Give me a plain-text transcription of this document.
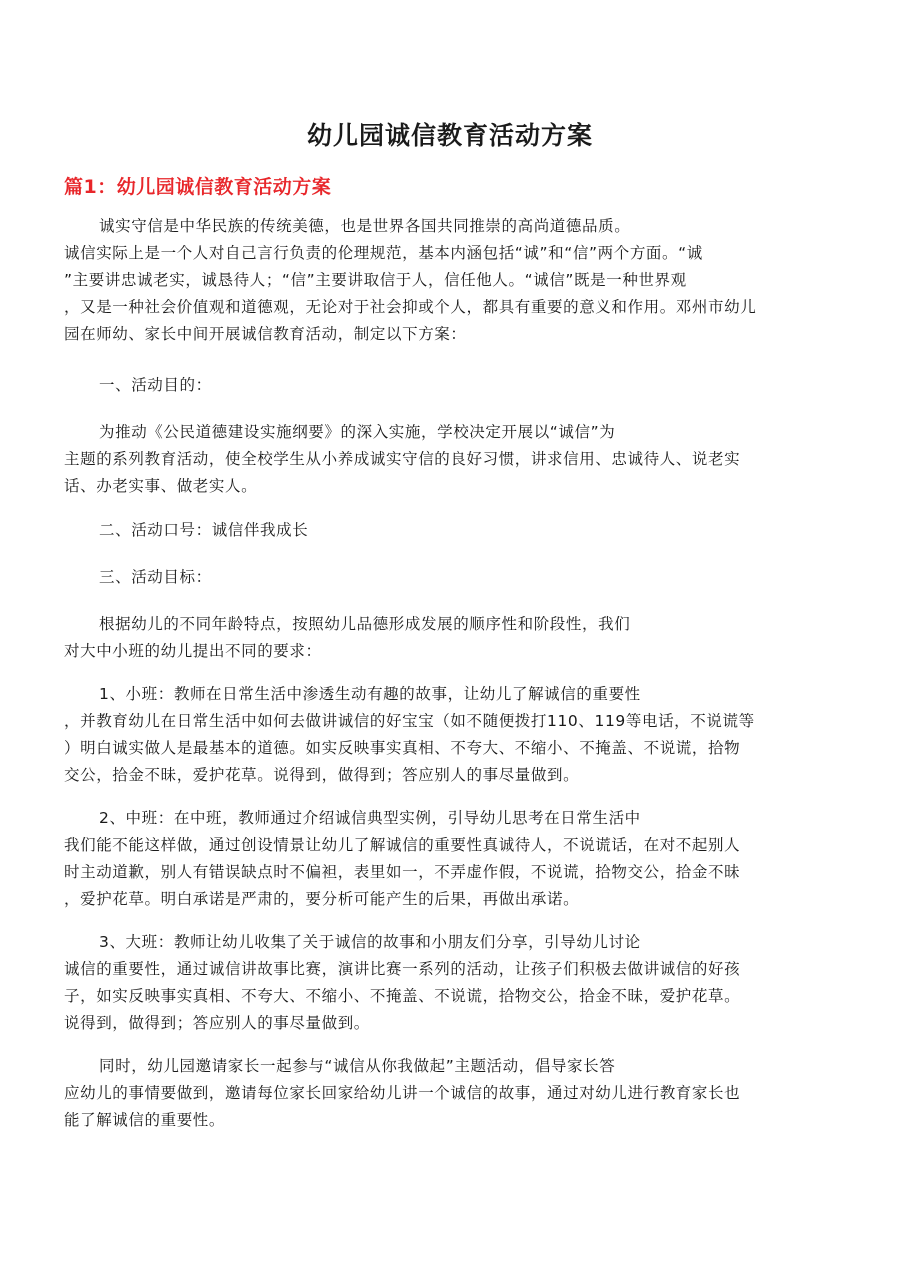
幼儿园诚信教育活动方案
篇1：幼儿园诚信教育活动方案
诚实守信是中华民族的传统美德，也是世界各国共同推崇的高尚道德品质。
诚信实际上是一个人对自己言行负责的伦理规范，基本内涵包括“诚”和“信”两个方面。“诚
”主要讲忠诚老实，诚恳待人；“信”主要讲取信于人，信任他人。“诚信”既是一种世界观
，又是一种社会价值观和道德观，无论对于社会抑或个人，都具有重要的意义和作用。邓州市幼儿
园在师幼、家长中间开展诚信教育活动，制定以下方案：
一、活动目的：
为推动《公民道德建设实施纲要》的深入实施，学校决定开展以“诚信”为
主题的系列教育活动，使全校学生从小养成诚实守信的良好习惯，讲求信用、忠诚待人、说老实
话、办老实事、做老实人。
二、活动口号：诚信伴我成长
三、活动目标：
根据幼儿的不同年龄特点，按照幼儿品德形成发展的顺序性和阶段性，我们
对大中小班的幼儿提出不同的要求：
1、小班：教师在日常生活中渗透生动有趣的故事，让幼儿了解诚信的重要性
，并教育幼儿在日常生活中如何去做讲诚信的好宝宝（如不随便拨打110、119等电话，不说谎等
）明白诚实做人是最基本的道德。如实反映事实真相、不夸大、不缩小、不掩盖、不说谎，拾物
交公，拾金不昧，爱护花草。说得到，做得到；答应别人的事尽量做到。
2、中班：在中班，教师通过介绍诚信典型实例，引导幼儿思考在日常生活中
我们能不能这样做，通过创设情景让幼儿了解诚信的重要性真诚待人，不说谎话，在对不起别人
时主动道歉，别人有错误缺点时不偏袒，表里如一，不弄虚作假，不说谎，拾物交公，拾金不昧
，爱护花草。明白承诺是严肃的，要分析可能产生的后果，再做出承诺。
3、大班：教师让幼儿收集了关于诚信的故事和小朋友们分享，引导幼儿讨论
诚信的重要性，通过诚信讲故事比赛，演讲比赛一系列的活动，让孩子们积极去做讲诚信的好孩
子，如实反映事实真相、不夸大、不缩小、不掩盖、不说谎，拾物交公，拾金不昧，爱护花草。
说得到，做得到；答应别人的事尽量做到。
同时，幼儿园邀请家长一起参与“诚信从你我做起”主题活动，倡导家长答
应幼儿的事情要做到，邀请每位家长回家给幼儿讲一个诚信的故事，通过对幼儿进行教育家长也
能了解诚信的重要性。
